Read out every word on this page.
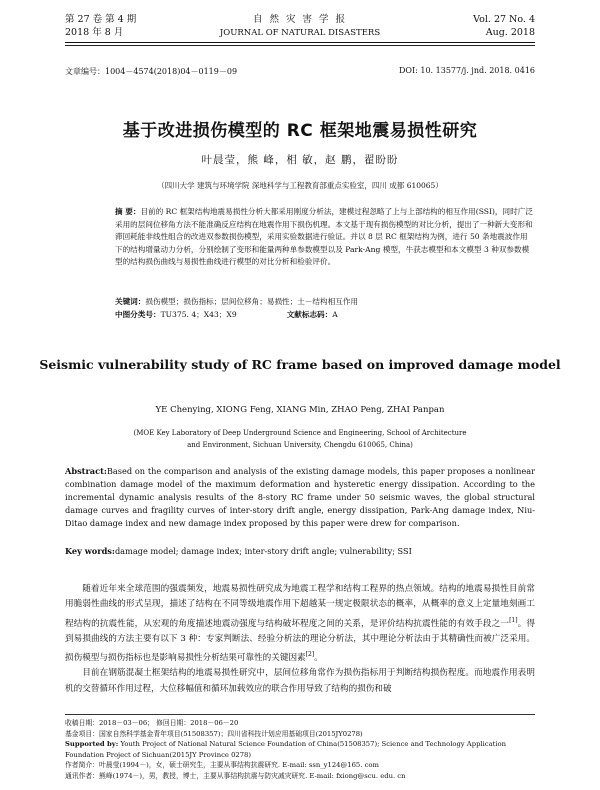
第 27 卷 第 4 期
2018 年 8 月
自 然 灾 害 学 报
JOURNAL OF NATURAL DISASTERS
Vol. 27 No. 4
Aug. 2018
文章编号：1004－4574(2018)04－0119－09	DOI: 10. 13577/j. jnd. 2018. 0416
基于改进损伤模型的 RC 框架地震易损性研究
叶晨莹，熊 峰，相 敏，赵 鹏，翟盼盼
（四川大学 建筑与环境学院 深地科学与工程教育部重点实验室，四川 成都 610065）
摘 要：目前的 RC 框架结构地震易损性分析大都采用刚度分析法，建模过程忽略了上与上部结构的相互作用(SSI)，同时广泛采用的层间位移角方法不能准确反应结构在地震作用下损伤机理。本文基于现有损伤模型的对比分析，提出了一种新大变形和滞回耗能非线性组合的改进双参数损伤模型，采用实验数据进行验证。并以 8 层 RC 框架结构为例，进行 50 条地震波作用下的结构增量动力分析，分别绘制了变形和能量两种单参数模型以及 Park-Ang 模型，牛获志模型和本文模型 3 种双参数模型的结构损伤曲线与易损性曲线进行模型的对比分析和检验评价。
关键词：损伤模型；损伤指标；层间位移角；易损性；土－结构相互作用
中图分类号：TU375. 4；X43；X9	文献标志码：A
Seismic vulnerability study of RC frame based on improved damage model
YE Chenying, XIONG Feng, XIANG Min, ZHAO Peng, ZHAI Panpan
(MOE Key Laboratory of Deep Underground Science and Engineering, School of Architecture
and Environment, Sichuan University, Chengdu 610065, China)
Abstract:Based on the comparison and analysis of the existing damage models, this paper proposes a nonlinear combination damage model of the maximum deformation and hysteretic energy dissipation. According to the incremental dynamic analysis results of the 8-story RC frame under 50 seismic waves, the global structural damage curves and fragility curves of inter-story drift angle, energy dissipation, Park-Ang damage index, Niu-Ditao damage index and new damage index proposed by this paper were drew for comparison.
Key words:damage model; damage index; inter-story drift angle; vulnerability; SSI

随着近年来全球范围的强震频发，地震易损性研究成为地震工程学和结构工程界的热点领域。结构的地震易损性目前常用脆弱性曲线的形式呈现，描述了结构在不同等级地震作用下超越某一规定极限状态的概率，从概率的意义上定量地刻画工程结构的抗震性能，从宏观的角度描述地震动强度与结构破坏程度之间的关系，是评价结构抗震性能的有效手段之一[1]。得到易损曲线的方法主要有以下 3 种：专家判断法、经验分析法的理论分析法，其中理论分析法由于其精确性而被广泛采用。损伤模型与损伤指标也是影响易损性分析结果可靠性的关键因素[2]。

目前在钢筋混凝土框架结构的地震易损性研究中，层间位移角常作为损伤指标用于判断结构损伤程度。而地震作用表明机的交替循环作用过程，大位移幅值和循环加载效应的联合作用导致了结构的损伤和破

收稿日期：2018－03－06； 修回日期：2018－06－20
基金项目：国家自然科学基金青年项目(51508357)；四川省科技计划应用基础项目(2015JY0278)
Supported by: Youth Project of National Natural Science Foundation of China(51508357); Science and Technology Application Foundation Project of Sichuan(2015JY Province 0278)
作者简介：叶晨莹(1994－)，女，硕士研究生，主要从事结构抗震研究. E-mail: ssn_y124@165. com
通讯作者：熊峰(1974－)，男，教授，博士，主要从事结构抗震与防灾减灾研究. E-mail: fxiong@scu. edu. cn
